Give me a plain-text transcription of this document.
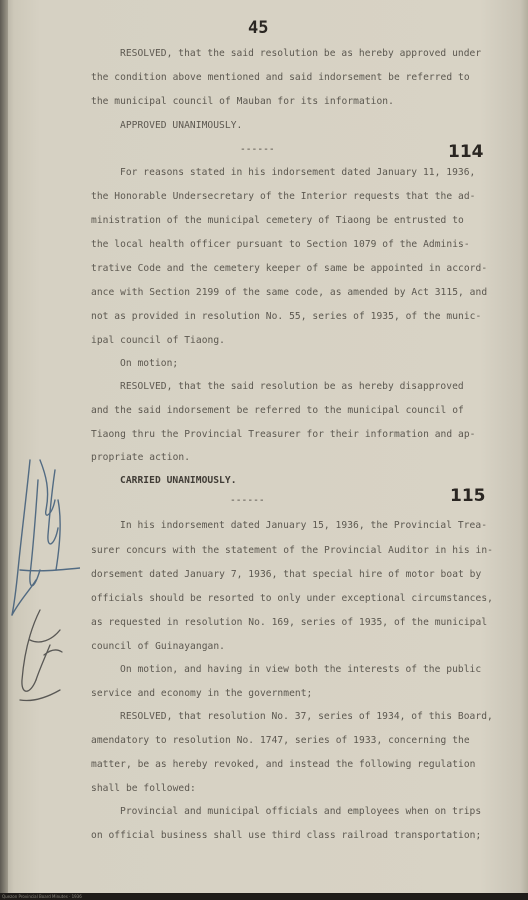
45
RESOLVED, that the said resolution be as hereby approved under
the condition above mentioned and said indorsement be referred to
the municipal council of Mauban for its information.
APPROVED UNANIMOUSLY.
------	114
For reasons stated in his indorsement dated January 11, 1936,
the Honorable Undersecretary of the Interior requests that the ad-
ministration of the municipal cemetery of Tiaong be entrusted to
the local health officer pursuant to Section 1079 of the Adminis-
trative Code and the cemetery keeper of same be appointed in accord-
ance with Section 2199 of the same code, as amended by Act 3115, and
not as provided in resolution No. 55, series of 1935, of the munic-
ipal council of Tiaong.
On motion;
RESOLVED, that the said resolution be as hereby disapproved
and the said indorsement be referred to the municipal council of
Tiaong thru the Provincial Treasurer for their information and ap-
propriate action.
CARRIED UNANIMOUSLY.
------	115
In his indorsement dated January 15, 1936, the Provincial Trea-
surer concurs with the statement of the Provincial Auditor in his in-
dorsement dated January 7, 1936, that special hire of motor boat by
officials should be resorted to only under exceptional circumstances,
as requested in resolution No. 169, series of 1935, of the municipal
council of Guinayangan.
On motion, and having in view both the interests of the public
service and economy in the government;
RESOLVED, that resolution No. 37, series of 1934, of this Board,
amendatory to resolution No. 1747, series of 1933, concerning the
matter, be as hereby revoked, and instead the following regulation
shall be followed:
Provincial and municipal officials and employees when on trips
on official business shall use third class railroad transportation;
Quezon Provincial Board Minutes · 1936
